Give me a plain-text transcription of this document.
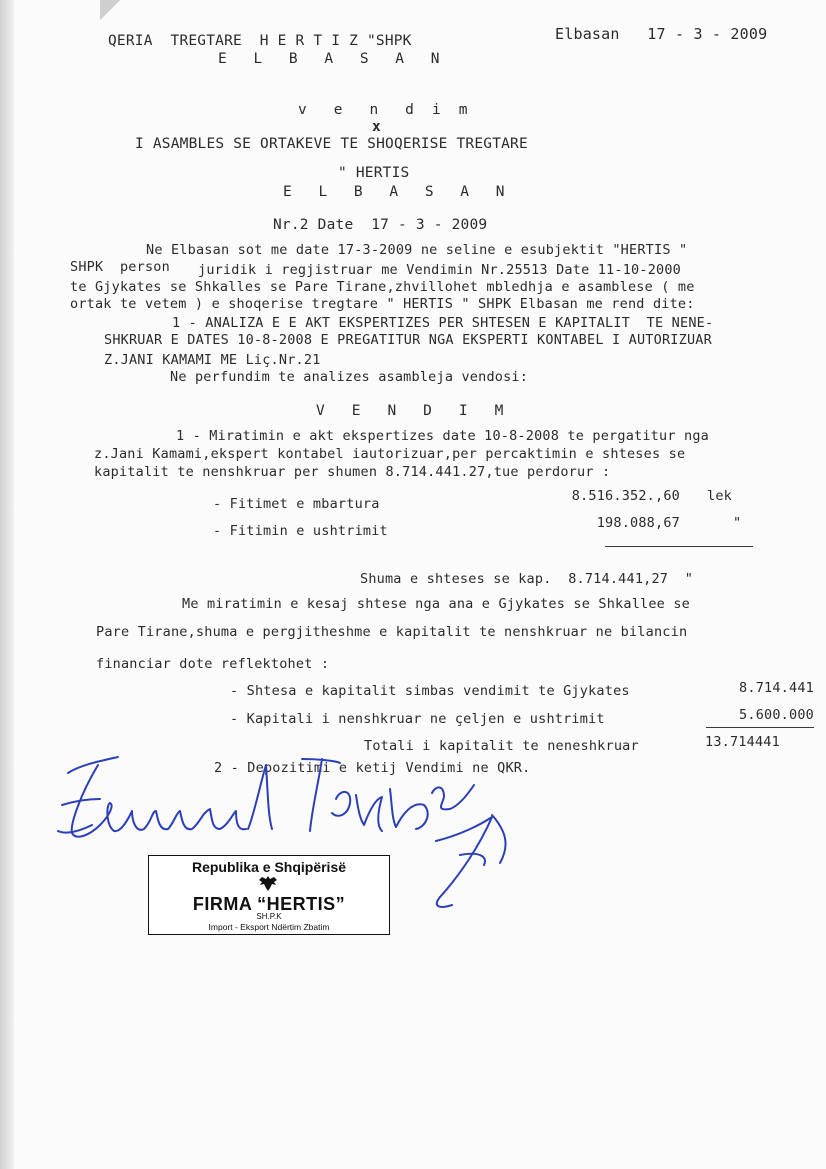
QERIA  TREGTARE  H E R T I Z "SHPK
E L B A S A N
Elbasan   17 - 3 - 2009
v   e   n   d  i  m
x
I ASAMBLES SE ORTAKEVE TE SHOQERISE TREGTARE
" HERTIS
E L B A S A N
Nr.2 Date  17 - 3 - 2009
Ne Elbasan sot me date 17-3-2009 ne seline e esubjektit "HERTIS "
SHPK  person juridik i regjistruar me Vendimin Nr.25513 Date 11-10-2000
te Gjykates se Shkalles se Pare Tirane,zhvillohet mbledhja e asamblese ( me
ortak te vetem ) e shoqerise tregtare " HERTIS " SHPK Elbasan me rend dite:
1 - ANALIZA E E AKT EKSPERTIZES PER SHTESEN E KAPITALIT  TE NENE-
SHKRUAR E DATES 10-8-2008 E PREGATITUR NGA EKSPERTI KONTABEL I AUTORIZUAR
Z.JANI KAMAMI ME Liç.Nr.21
Ne perfundim te analizes asambleja vendosi:
V   E   N   D   I   M
1 - Miratimin e akt ekspertizes date 10-8-2008 te pergatitur nga
z.Jani Kamami,ekspert kontabel iautorizuar,per percaktimin e shteses se
kapitalit te nenshkruar per shumen 8.714.441.27,tue perdorur :
- Fitimet e mbartura	8.516.352.,60 lek
- Fitimin e ushtrimit	198.088,67	"
Shuma e shteses se kap.  8.714.441,27  "
Me miratimin e kesaj shtese nga ana e Gjykates se Shkallee se
Pare Tirane,shuma e pergjitheshme e kapitalit te nenshkruar ne bilancin
financiar dote reflektohet :
- Shtesa e kapitalit simbas vendimit te Gjykates	8.714.441
- Kapitali i nenshkruar ne çeljen e ushtrimit	5.600.000
Totali i kapitalit te neneshkruar	13.714441
2 - Depozitimi e ketij Vendimi ne QKR.
Republika e Shqipërisë
FIRMA “HERTIS”
SH.P.K
Import - Eksport Ndërtim Zbatim
